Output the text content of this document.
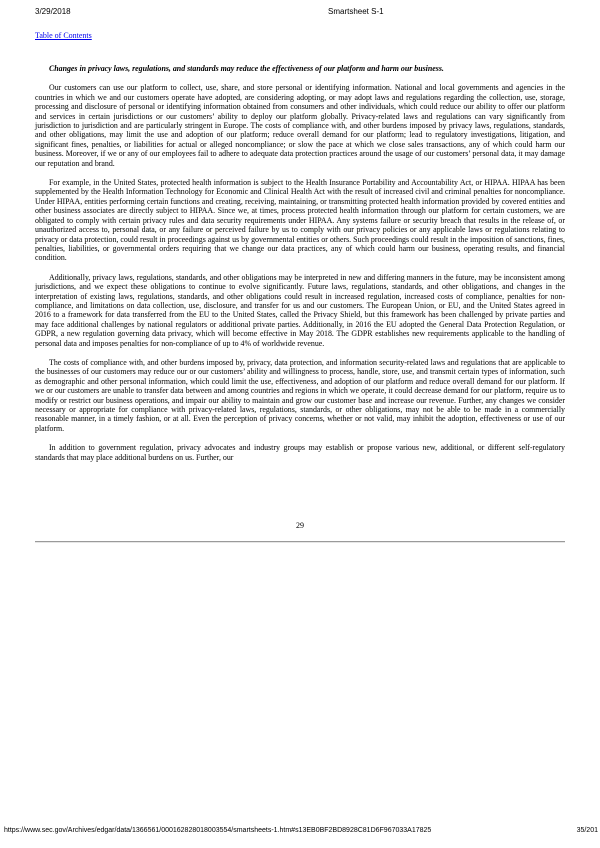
3/29/2018	Smartsheet S-1
Table of Contents

Changes in privacy laws, regulations, and standards may reduce the effectiveness of our platform and harm our business.

Our customers can use our platform to collect, use, share, and store personal or identifying information. National and local governments and agencies in the countries in which we and our customers operate have adopted, are considering adopting, or may adopt laws and regulations regarding the collection, use, storage, processing and disclosure of personal or identifying information obtained from consumers and other individuals, which could reduce our ability to offer our platform and services in certain jurisdictions or our customers’ ability to deploy our platform globally. Privacy-related laws and regulations can vary significantly from jurisdiction to jurisdiction and are particularly stringent in Europe. The costs of compliance with, and other burdens imposed by privacy laws, regulations, standards, and other obligations, may limit the use and adoption of our platform; reduce overall demand for our platform; lead to regulatory investigations, litigation, and significant fines, penalties, or liabilities for actual or alleged noncompliance; or slow the pace at which we close sales transactions, any of which could harm our business. Moreover, if we or any of our employees fail to adhere to adequate data protection practices around the usage of our customers’ personal data, it may damage our reputation and brand.

For example, in the United States, protected health information is subject to the Health Insurance Portability and Accountability Act, or HIPAA. HIPAA has been supplemented by the Health Information Technology for Economic and Clinical Health Act with the result of increased civil and criminal penalties for noncompliance. Under HIPAA, entities performing certain functions and creating, receiving, maintaining, or transmitting protected health information provided by covered entities and other business associates are directly subject to HIPAA. Since we, at times, process protected health information through our platform for certain customers, we are obligated to comply with certain privacy rules and data security requirements under HIPAA. Any systems failure or security breach that results in the release of, or unauthorized access to, personal data, or any failure or perceived failure by us to comply with our privacy policies or any applicable laws or regulations relating to privacy or data protection, could result in proceedings against us by governmental entities or others. Such proceedings could result in the imposition of sanctions, fines, penalties, liabilities, or governmental orders requiring that we change our data practices, any of which could harm our business, operating results, and financial condition.

Additionally, privacy laws, regulations, standards, and other obligations may be interpreted in new and differing manners in the future, may be inconsistent among jurisdictions, and we expect these obligations to continue to evolve significantly. Future laws, regulations, standards, and other obligations, and changes in the interpretation of existing laws, regulations, standards, and other obligations could result in increased regulation, increased costs of compliance, penalties for non-compliance, and limitations on data collection, use, disclosure, and transfer for us and our customers. The European Union, or EU, and the United States agreed in 2016 to a framework for data transferred from the EU to the United States, called the Privacy Shield, but this framework has been challenged by private parties and may face additional challenges by national regulators or additional private parties. Additionally, in 2016 the EU adopted the General Data Protection Regulation, or GDPR, a new regulation governing data privacy, which will become effective in May 2018. The GDPR establishes new requirements applicable to the handling of personal data and imposes penalties for non-compliance of up to 4% of worldwide revenue.

The costs of compliance with, and other burdens imposed by, privacy, data protection, and information security-related laws and regulations that are applicable to the businesses of our customers may reduce our or our customers’ ability and willingness to process, handle, store, use, and transmit certain types of information, such as demographic and other personal information, which could limit the use, effectiveness, and adoption of our platform and reduce overall demand for our platform. If we or our customers are unable to transfer data between and among countries and regions in which we operate, it could decrease demand for our platform, require us to modify or restrict our business operations, and impair our ability to maintain and grow our customer base and increase our revenue. Further, any changes we consider necessary or appropriate for compliance with privacy-related laws, regulations, standards, or other obligations, may not be able to be made in a commercially reasonable manner, in a timely fashion, or at all. Even the perception of privacy concerns, whether or not valid, may inhibit the adoption, effectiveness or use of our platform.

In addition to government regulation, privacy advocates and industry groups may establish or propose various new, additional, or different self-regulatory standards that may place additional burdens on us. Further, our

29
https://www.sec.gov/Archives/edgar/data/1366561/000162828018003554/smartsheets-1.htm#s13EB0BF2BD8928C81D6F967033A17825	35/201
